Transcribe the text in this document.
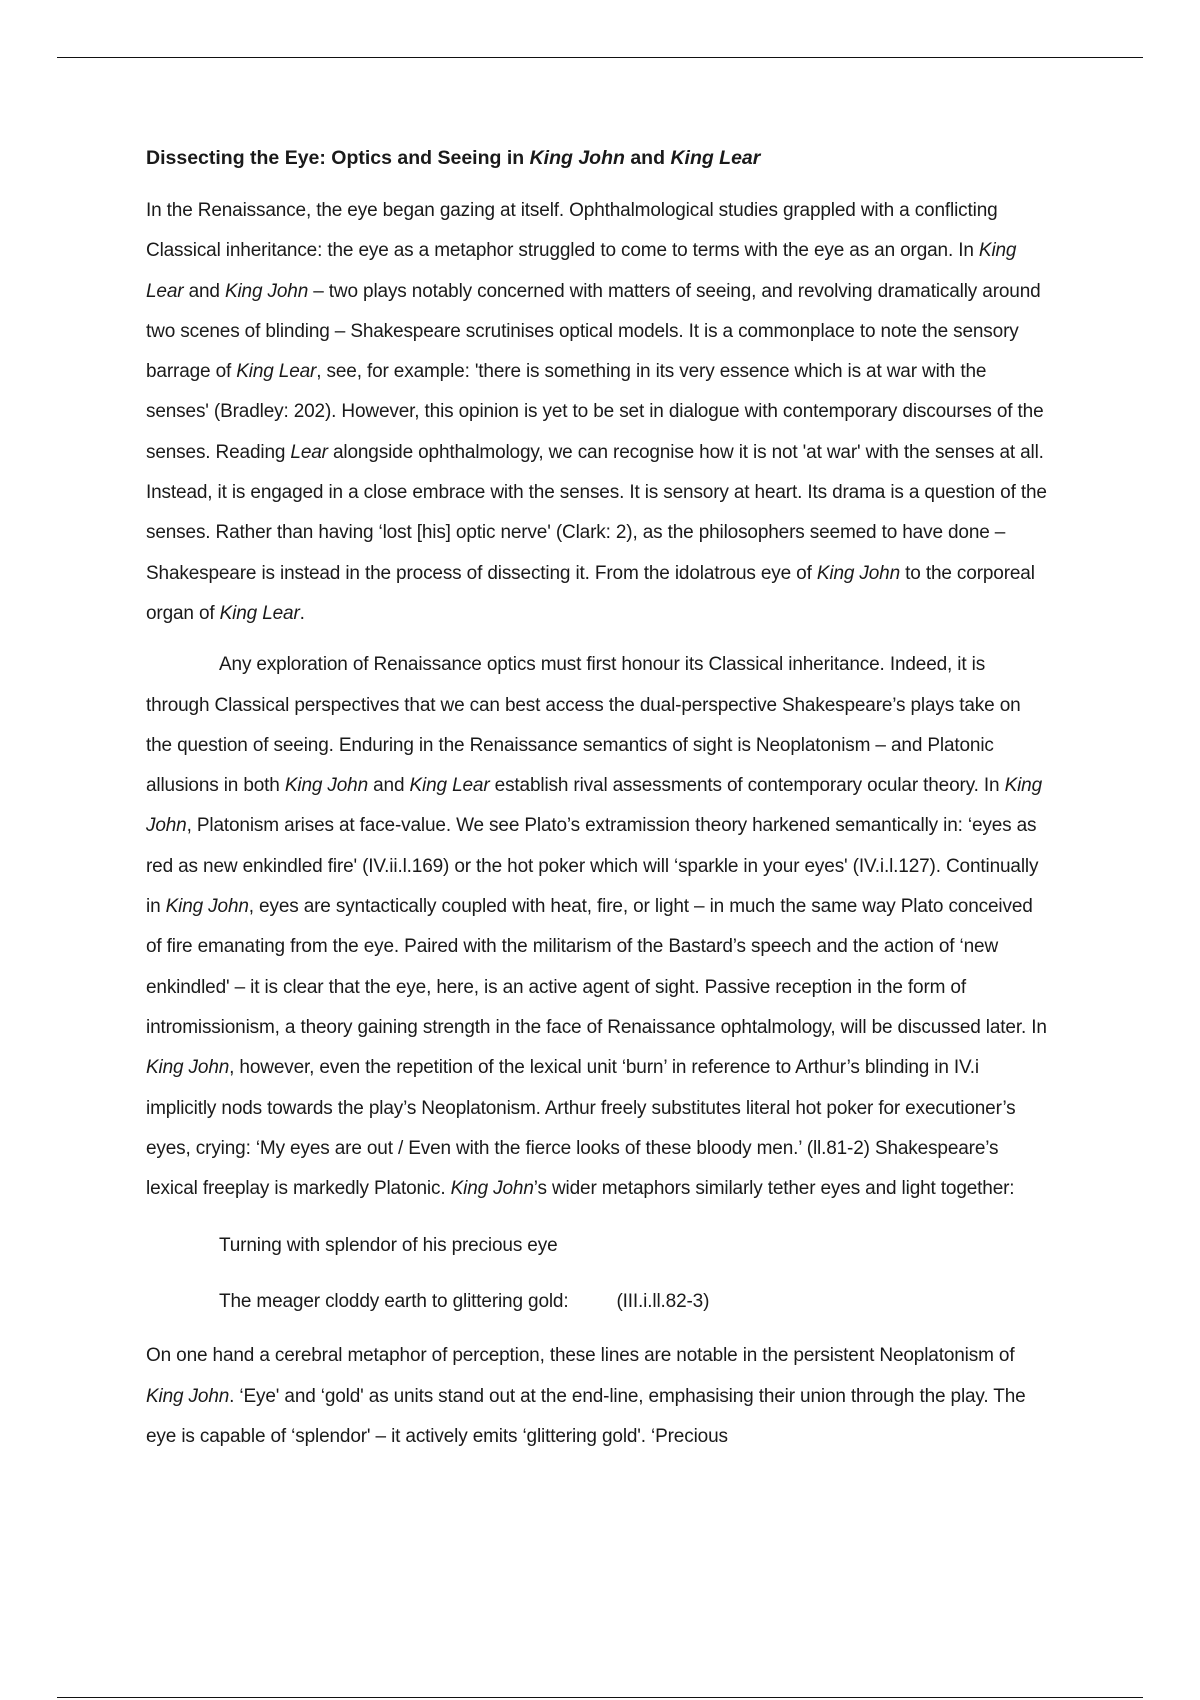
Dissecting the Eye: Optics and Seeing in King John and King Lear

In the Renaissance, the eye began gazing at itself. Ophthalmological studies grappled with a conflicting Classical inheritance: the eye as a metaphor struggled to come to terms with the eye as an organ. In King Lear and King John – two plays notably concerned with matters of seeing, and revolving dramatically around two scenes of blinding – Shakespeare scrutinises optical models. It is a commonplace to note the sensory barrage of King Lear, see, for example: 'there is something in its very essence which is at war with the senses' (Bradley: 202). However, this opinion is yet to be set in dialogue with contemporary discourses of the senses. Reading Lear alongside ophthalmology, we can recognise how it is not 'at war' with the senses at all. Instead, it is engaged in a close embrace with the senses. It is sensory at heart. Its drama is a question of the senses. Rather than having ‘lost [his] optic nerve' (Clark: 2), as the philosophers seemed to have done – Shakespeare is instead in the process of dissecting it. From the idolatrous eye of King John to the corporeal organ of King Lear.

Any exploration of Renaissance optics must first honour its Classical inheritance. Indeed, it is through Classical perspectives that we can best access the dual-perspective Shakespeare’s plays take on the question of seeing. Enduring in the Renaissance semantics of sight is Neoplatonism – and Platonic allusions in both King John and King Lear establish rival assessments of contemporary ocular theory. In King John, Platonism arises at face-value. We see Plato’s extramission theory harkened semantically in: ‘eyes as red as new enkindled fire' (IV.ii.l.169) or the hot poker which will ‘sparkle in your eyes' (IV.i.l.127). Continually in King John, eyes are syntactically coupled with heat, fire, or light – in much the same way Plato conceived of fire emanating from the eye. Paired with the militarism of the Bastard’s speech and the action of ‘new enkindled' – it is clear that the eye, here, is an active agent of sight. Passive reception in the form of intromissionism, a theory gaining strength in the face of Renaissance ophtalmology, will be discussed later. In King John, however, even the repetition of the lexical unit ‘burn’ in reference to Arthur’s blinding in IV.i implicitly nods towards the play’s Neoplatonism. Arthur freely substitutes literal hot poker for executioner’s eyes, crying: ‘My eyes are out / Even with the fierce looks of these bloody men.’ (ll.81-2) Shakespeare’s lexical freeplay is markedly Platonic. King John’s wider metaphors similarly tether eyes and light together:

Turning with splendor of his precious eye
The meager cloddy earth to glittering gold:	(III.i.ll.82-3)

On one hand a cerebral metaphor of perception, these lines are notable in the persistent Neoplatonism of King John. ‘Eye' and ‘gold' as units stand out at the end-line, emphasising their union through the play. The eye is capable of ‘splendor' – it actively emits ‘glittering gold'. ‘Precious
